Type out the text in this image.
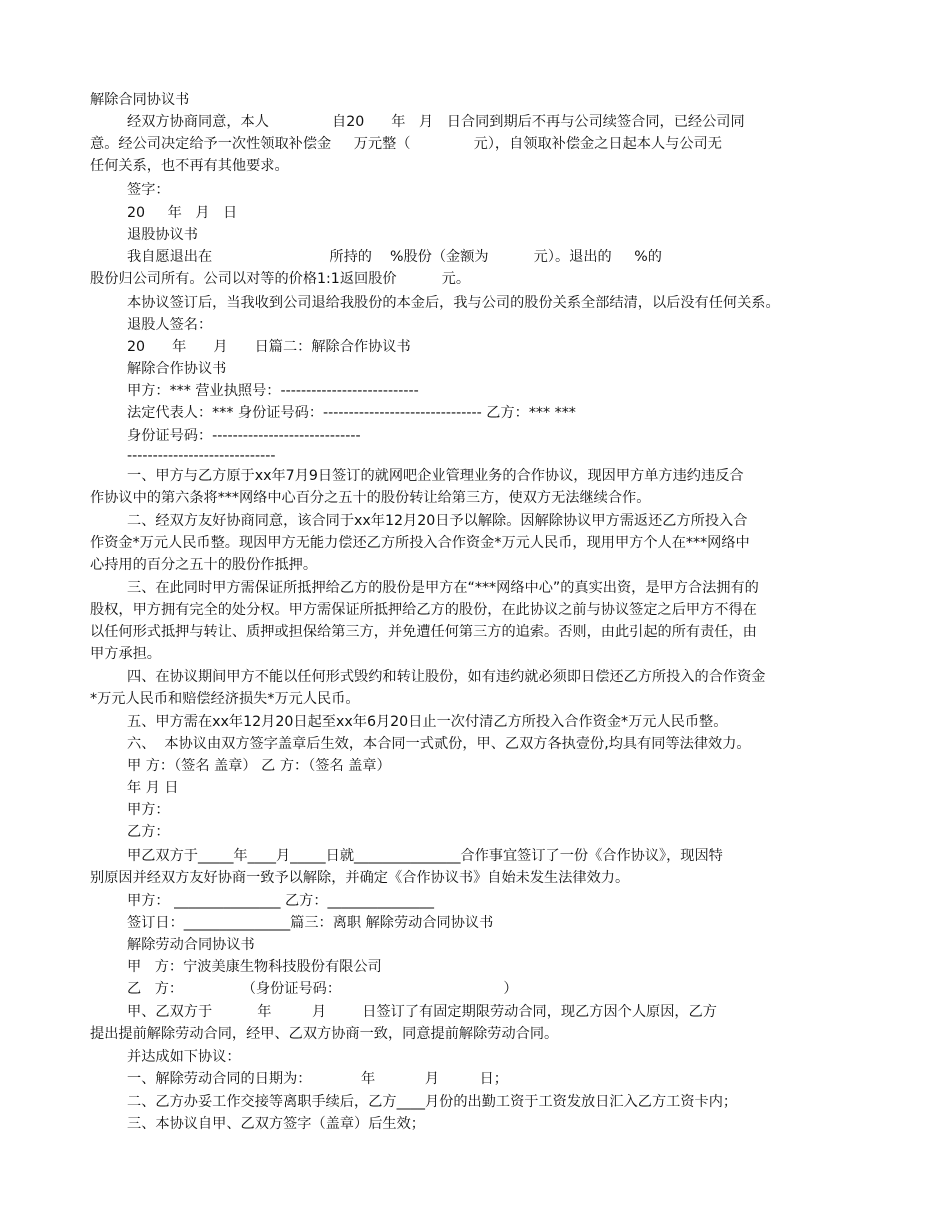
解除合同协议书
经双方协商同意，本人              自20      年   月   日合同到期后不再与公司续签合同，已经公司同
意。经公司决定给予一次性领取补偿金     万元整（              元），自领取补偿金之日起本人与公司无
任何关系，也不再有其他要求。
签字：
20     年   月   日
退股协议书
我自愿退出在                          所持的    %股份（金额为          元）。退出的     %的
股份归公司所有。公司以对等的价格1:1返回股价          元。
本协议签订后，当我收到公司退给我股份的本金后，我与公司的股份关系全部结清，以后没有任何关系。
退股人签名：
20      年      月      日篇二：解除合作协议书
解除合作协议书
甲方：*** 营业执照号：---------------------------
法定代表人：*** 身份证号码：------------------------------- 乙方：*** ***
身份证号码：-----------------------------
-----------------------------
一、甲方与乙方原于xx年7月9日签订的就网吧企业管理业务的合作协议，现因甲方单方违约违反合
作协议中的第六条将***网络中心百分之五十的股份转让给第三方，使双方无法继续合作。
二、经双方友好协商同意，该合同于xx年12月20日予以解除。因解除协议甲方需返还乙方所投入合
作资金*万元人民币整。现因甲方无能力偿还乙方所投入合作资金*万元人民币，现用甲方个人在***网络中
心持用的百分之五十的股份作抵押。
三、在此同时甲方需保证所抵押给乙方的股份是甲方在“***网络中心”的真实出资，是甲方合法拥有的
股权，甲方拥有完全的处分权。甲方需保证所抵押给乙方的股份，在此协议之前与协议签定之后甲方不得在
以任何形式抵押与转让、质押或担保给第三方，并免遭任何第三方的追索。否则，由此引起的所有责任，由
甲方承担。
四、在协议期间甲方不能以任何形式毁约和转让股份，如有违约就必须即日偿还乙方所投入的合作资金
*万元人民币和赔偿经济损失*万元人民币。
五、甲方需在xx年12月20日起至xx年6月20日止一次付清乙方所投入合作资金*万元人民币整。
六、  本协议由双方签字盖章后生效，本合同一式贰份，甲、乙双方各执壹份,均具有同等法律效力。
甲 方：（签名 盖章） 乙 方：（签名 盖章）
年 月 日
甲方：
乙方：
甲乙双方于_____年____月_____日就_______________合作事宜签订了一份《合作协议》，现因特
别原因并经双方友好协商一致予以解除，并确定《合作协议书》自始未发生法律效力。
甲方： _______________ 乙方：_______________
签订日：_______________篇三：离职 解除劳动合同协议书
解除劳动合同协议书
甲   方：宁波美康生物科技股份有限公司
乙   方：             （身份证号码：                                    ）
甲、乙双方于          年         月        日签订了有固定期限劳动合同，现乙方因个人原因，乙方
提出提前解除劳动合同，经甲、乙双方协商一致，同意提前解除劳动合同。
并达成如下协议：
一、解除劳动合同的日期为：           年           月         日；
二、乙方办妥工作交接等离职手续后，乙方____月份的出勤工资于工资发放日汇入乙方工资卡内；
三、本协议自甲、乙双方签字（盖章）后生效；
